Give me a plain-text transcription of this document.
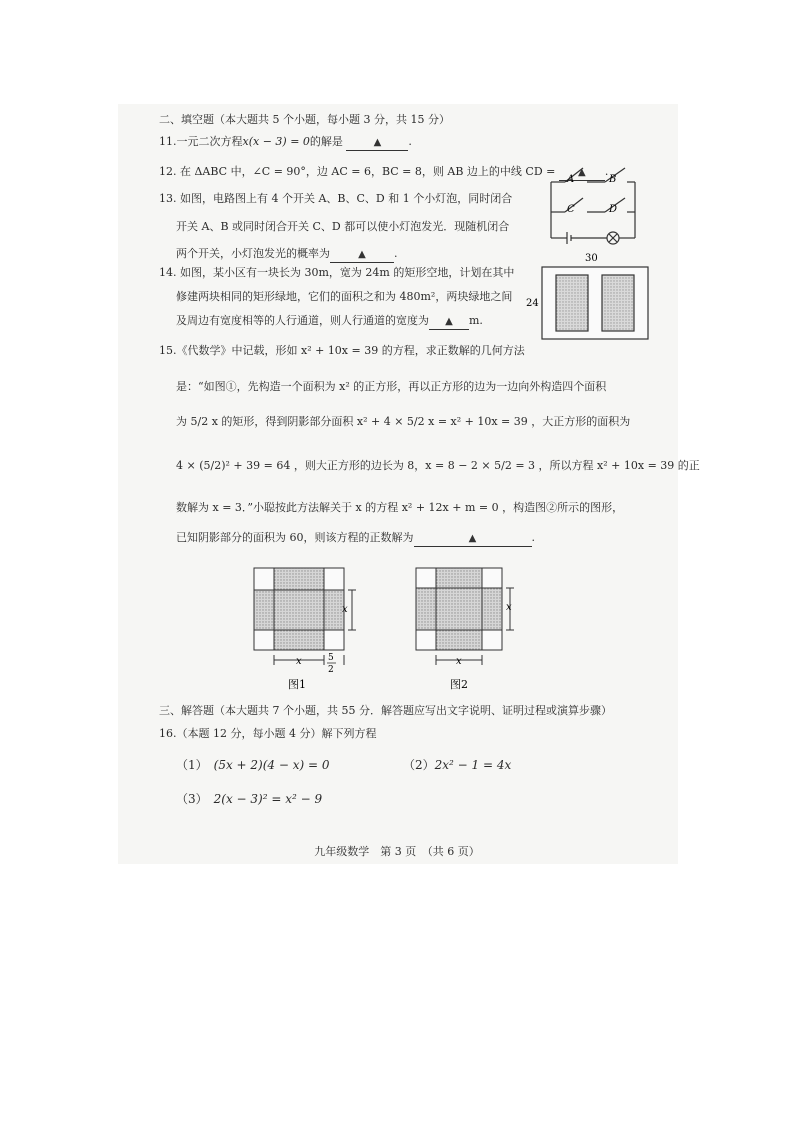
二、填空题（本大题共 5 个小题，每小题 3 分，共 15 分）
11.一元二次方程x(x − 3) = 0的解是	▲ .
12. 在 ΔABC 中，∠C = 90°，边 AC = 6，BC = 8，则 AB 边上的中线 CD = ▲ .
13. 如图，电路图上有 4 个开关 A、B、C、D 和 1 个小灯泡，同时闭合
开关 A、B 或同时闭合开关 C、D 都可以使小灯泡发光．现随机闭合
两个开关，小灯泡发光的概率为	▲	.
A	B
C	D
14. 如图，某小区有一块长为 30m，宽为 24m 的矩形空地，计划在其中
修建两块相同的矩形绿地，它们的面积之和为 480m²，两块绿地之间
及周边有宽度相等的人行通道，则人行通道的宽度为 ▲ m.
30
24
15.《代数学》中记载，形如 x² + 10x = 39 的方程，求正数解的几何方法
是：“如图①，先构造一个面积为 x² 的正方形，再以正方形的边为一边向外构造四个面积
为 5/2 x 的矩形，得到阴影部分面积 x² + 4 × 5/2 x = x² + 10x = 39 ，大正方形的面积为
4 × (5/2)² + 39 = 64 ，则大正方形的边长为 8，x = 8 − 2 × 5/2 = 3 ，所以方程 x² + 10x = 39 的正
数解为 x = 3．”小聪按此方法解关于 x 的方程 x² + 12x + m = 0 ，构造图②所示的图形，
已知阴影部分的面积为 60，则该方程的正数解为	▲	.
x
x	5
2
图1
x
x
图2
三、解答题（本大题共 7 个小题，共 55 分．解答题应写出文字说明、证明过程或演算步骤）
16.（本题 12 分，每小题 4 分）解下列方程
（1） (5x + 2)(4 − x) = 0	（2）2x² − 1 = 4x
（3） 2(x − 3)² = x² − 9
九年级数学　第 3 页　（共 6 页）
